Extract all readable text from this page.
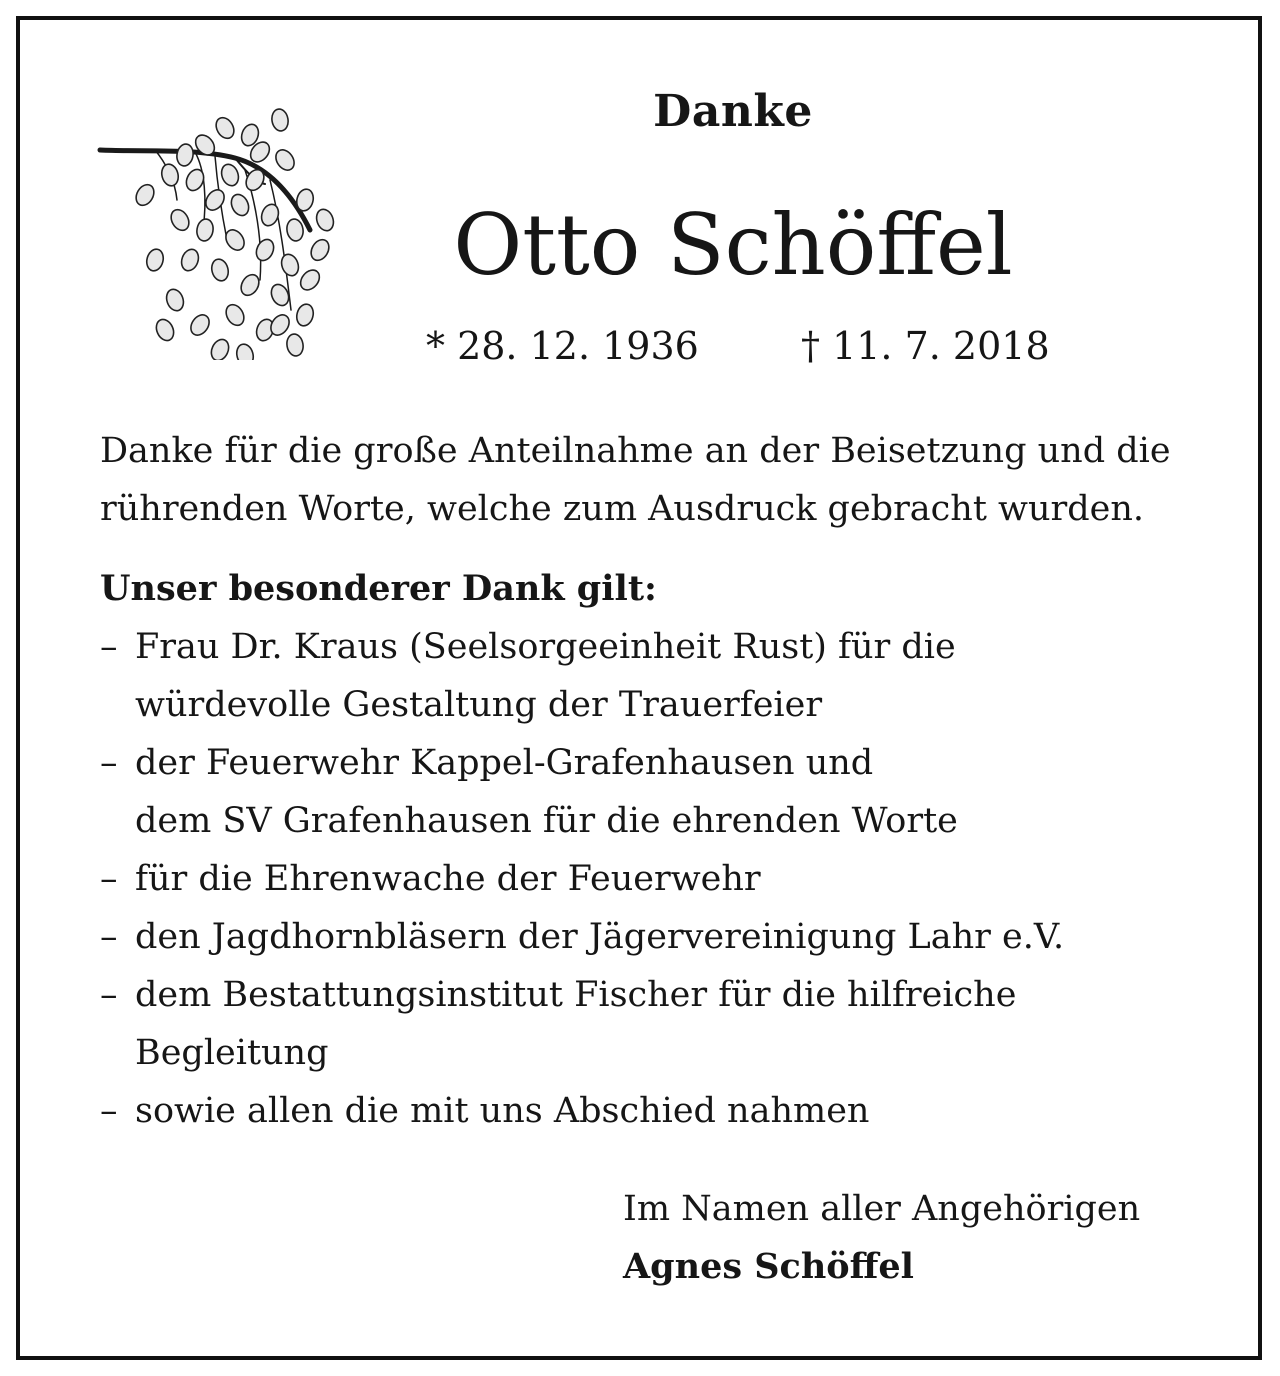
Danke
Otto Schöffel
* 28. 12. 1936	† 11. 7. 2018
Danke für die große Anteilnahme an der Beisetzung und die
rührenden Worte, welche zum Ausdruck gebracht wurden.
Unser besonderer Dank gilt:
– Frau Dr. Kraus (Seelsorgeeinheit Rust) für die
würdevolle Gestaltung der Trauerfeier
– der Feuerwehr Kappel-Grafenhausen und
dem SV Grafenhausen für die ehrenden Worte
– für die Ehrenwache der Feuerwehr
– den Jagdhornbläsern der Jägervereinigung Lahr e.V.
– dem Bestattungsinstitut Fischer für die hilfreiche
Begleitung
– sowie allen die mit uns Abschied nahmen
Im Namen aller Angehörigen
Agnes Schöffel
